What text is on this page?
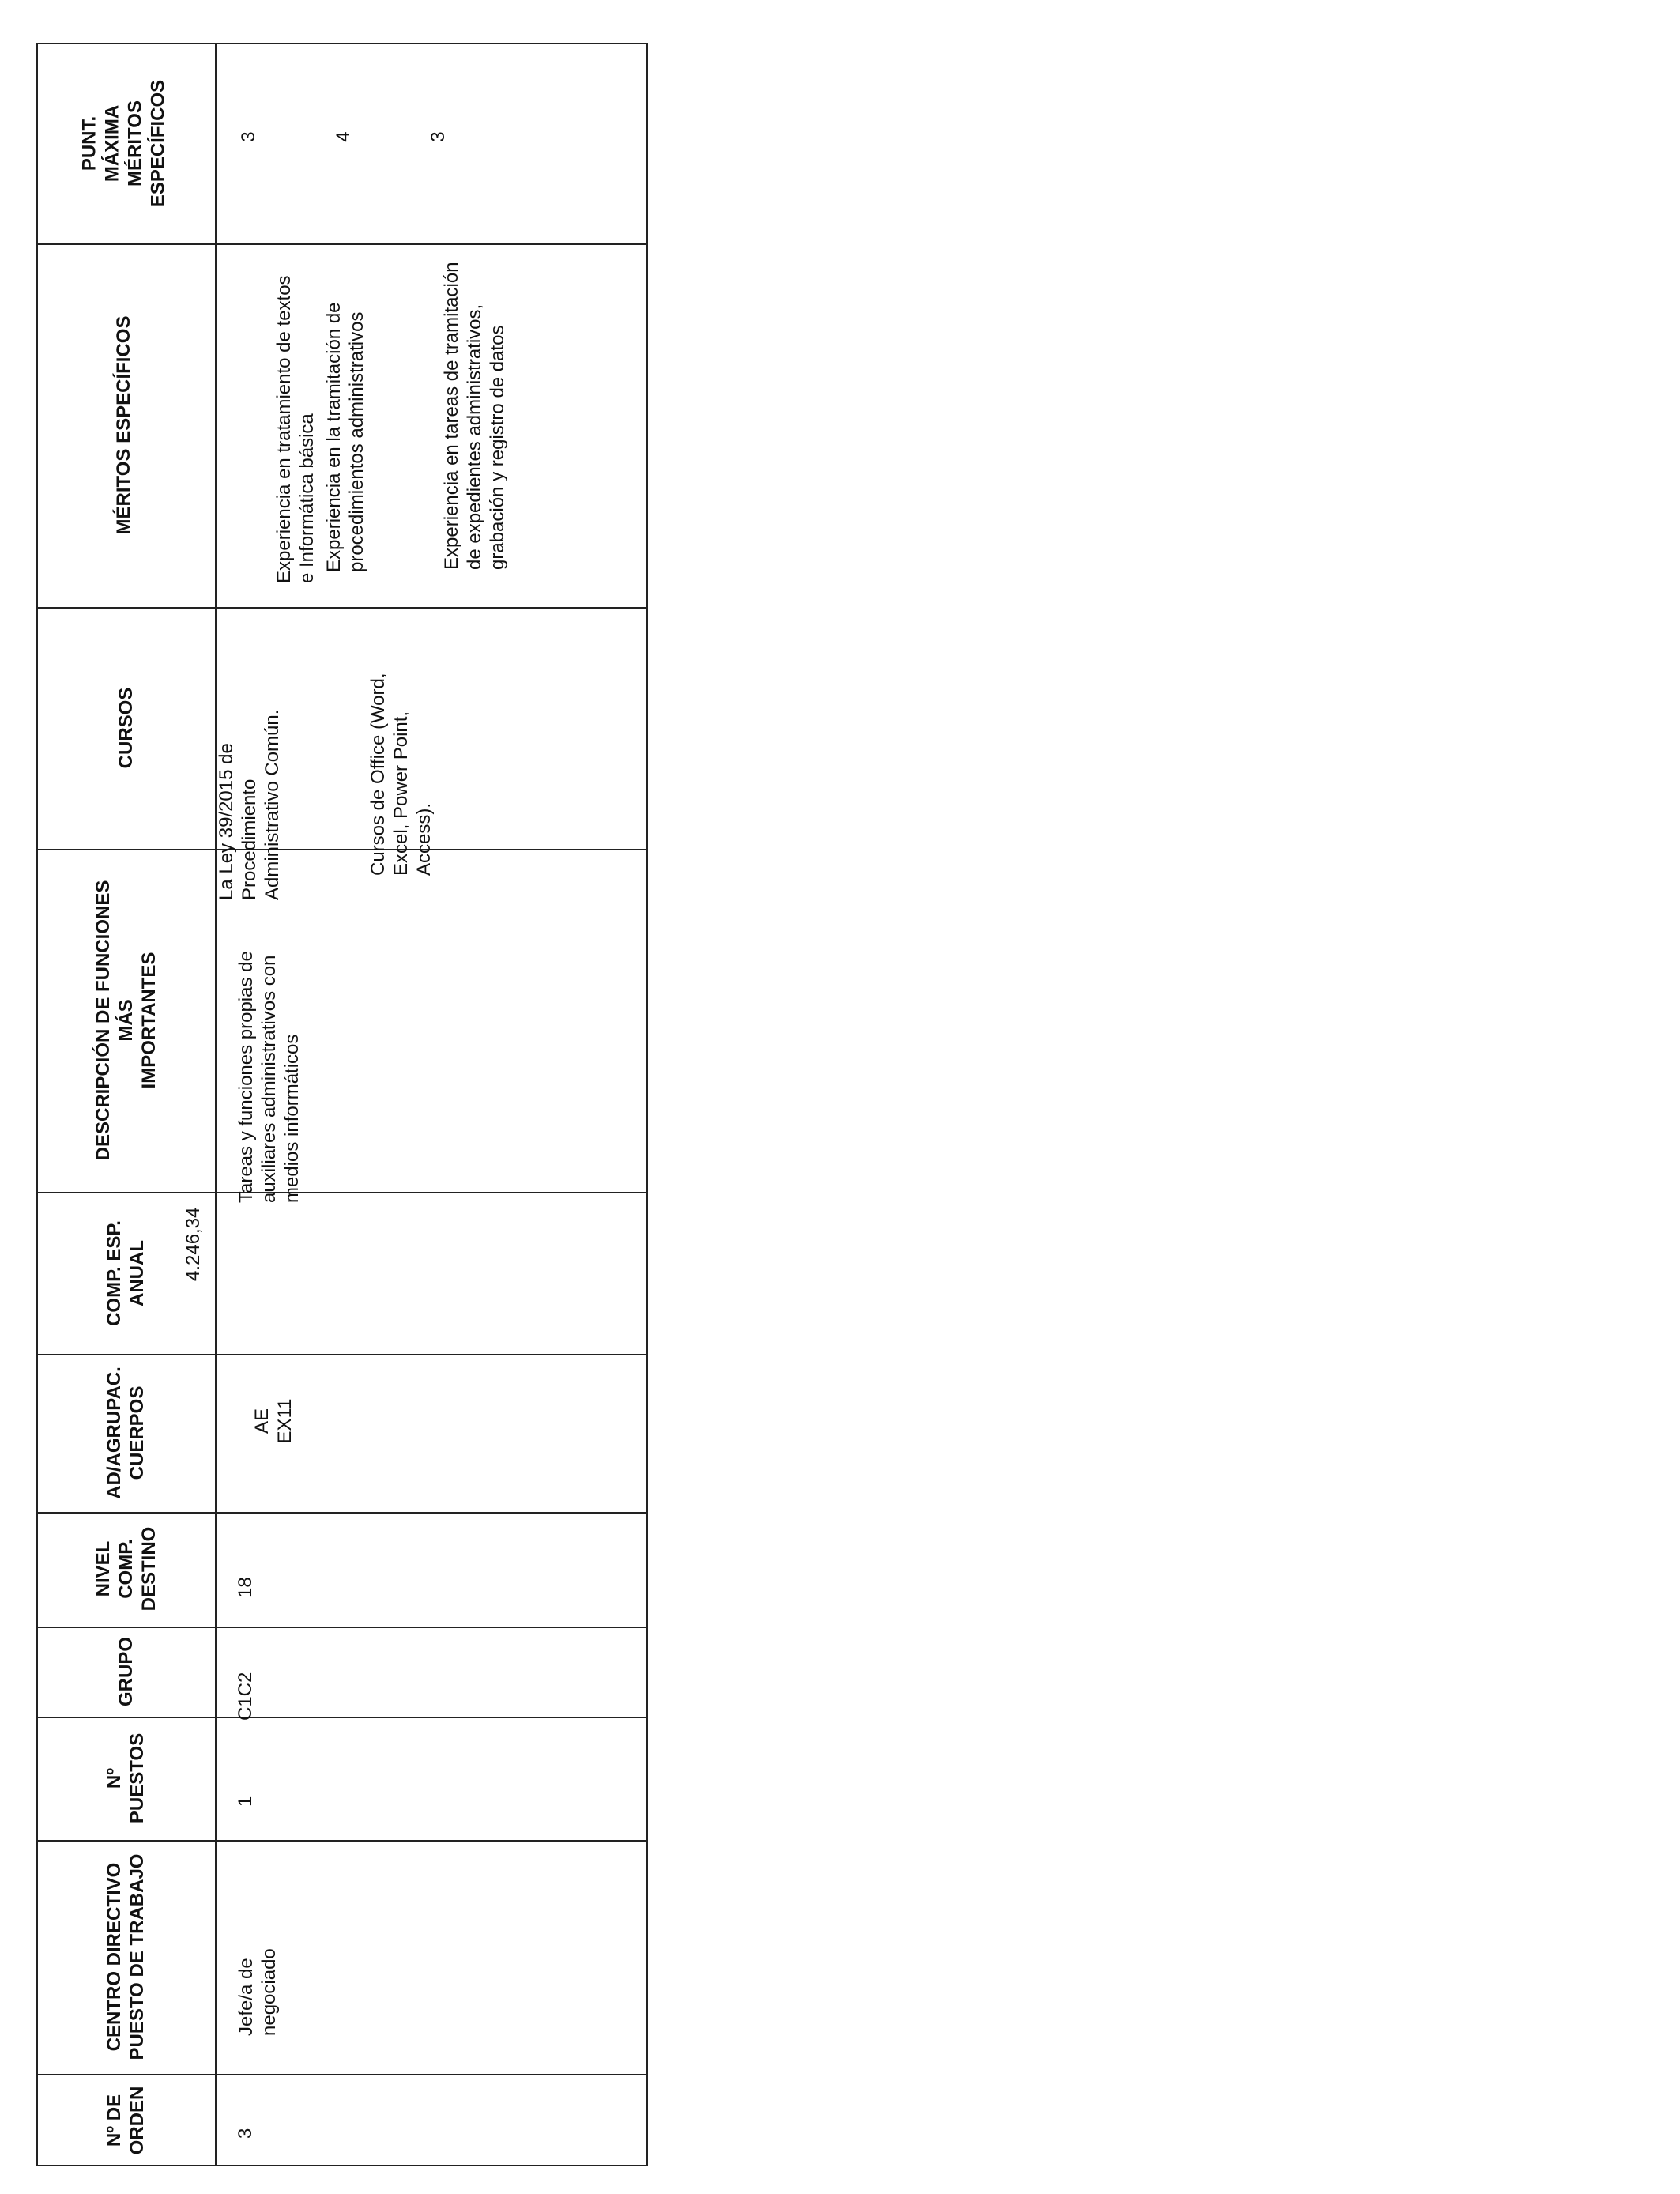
PUNT.
MÁXIMA
MÉRITOS
ESPECÍFICOS
MÉRITOS ESPECÍFICOS
CURSOS
DESCRIPCIÓN DE FUNCIONES MÁS
IMPORTANTES
COMP. ESP.
ANUAL
AD/AGRUPAC.
CUERPOS
NIVEL
COMP.
DESTINO
GRUPO
Nº
PUESTOS
CENTRO DIRECTIVO
PUESTO DE TRABAJO
Nº DE
ORDEN
3	4	3
Experiencia en tratamiento de textos
e Informática básica
Experiencia en la tramitación de
procedimientos administrativos
Experiencia en tareas de tramitación
de expedientes administrativos,
grabación y registro de datos
La Ley 39/2015 de
Procedimiento
Administrativo Común.
Cursos de Office (Word,
Excel, Power Point,
Access).
Tareas y funciones propias de
auxiliares administrativos con
medios informáticos
4.246,34
AE
EX11
18
C1C2
1
Jefe/a de negociado
3
